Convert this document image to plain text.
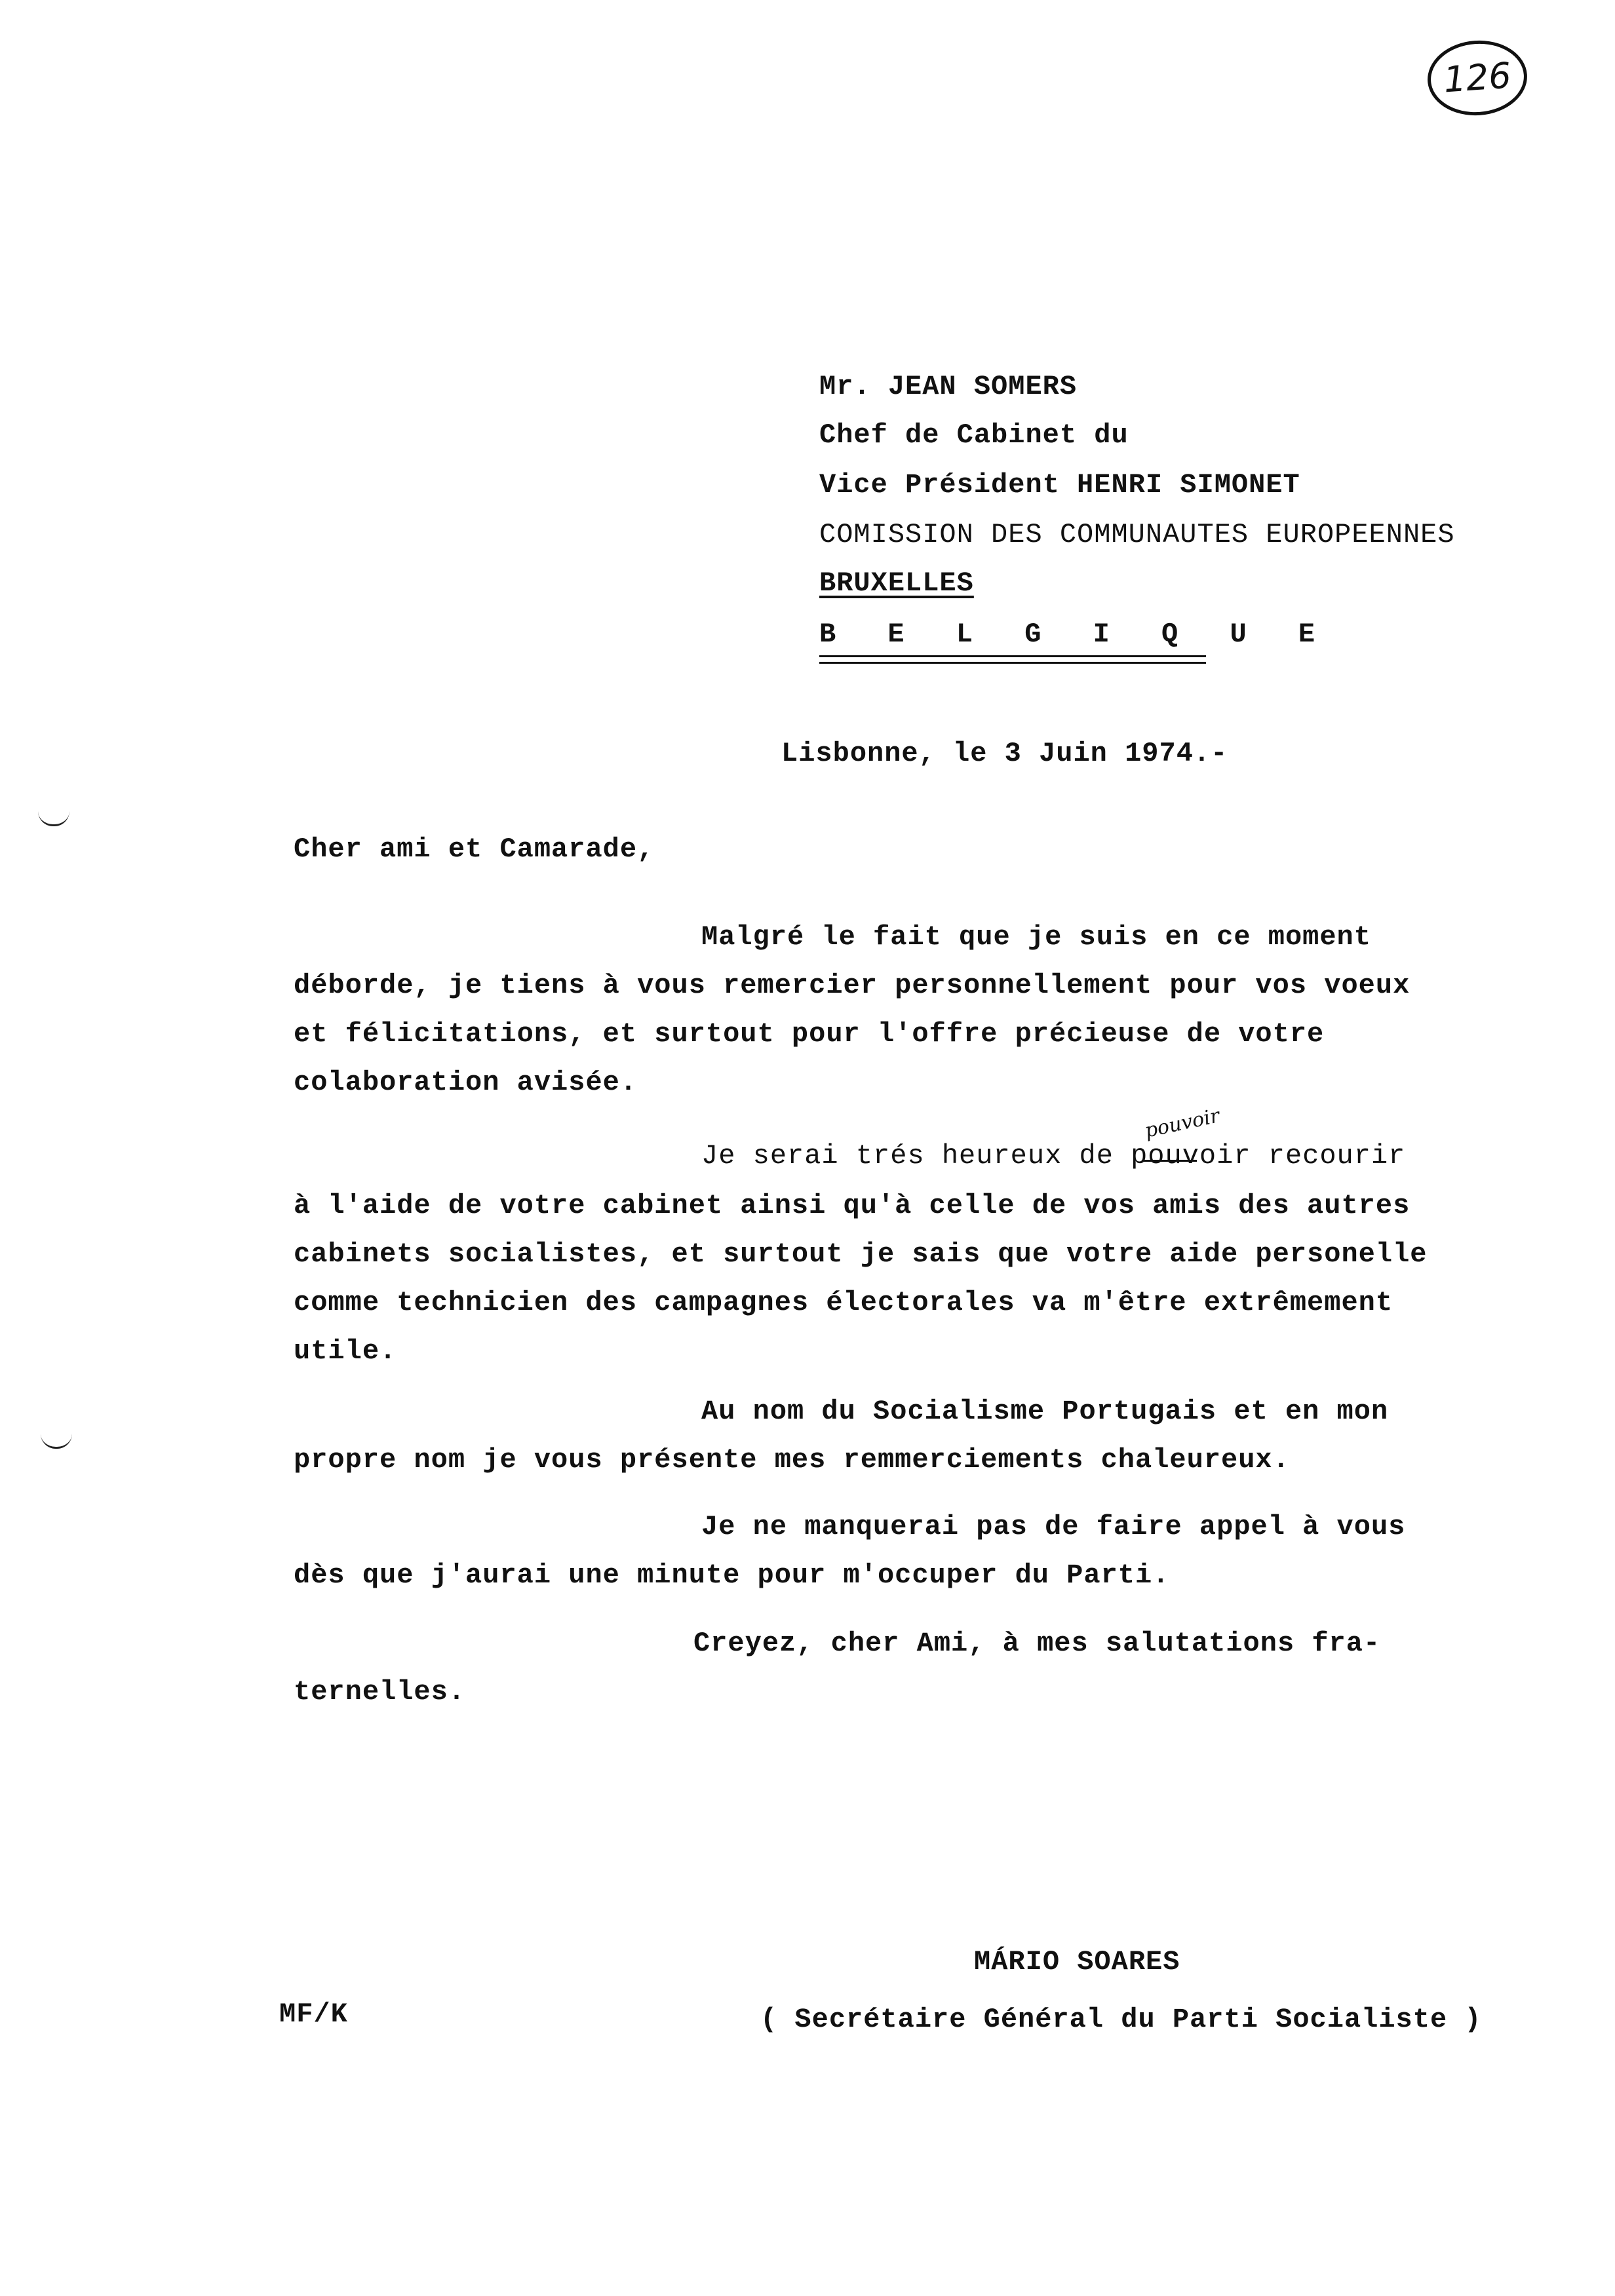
126
Mr. JEAN SOMERS
Chef de Cabinet du
Vice Président HENRI SIMONET
COMISSION DES COMMUNAUTES EUROPEENNES
BRUXELLES
B E L G I Q U E
Lisbonne, le 3 Juin 1974.-
Cher ami et Camarade,
Malgré le fait que je suis en ce moment
déborde, je tiens à vous remercier personnellement pour vos voeux
et félicitations, et surtout pour l'offre précieuse de votre
colaboration avisée.
pouvoir
Je serai trés heureux de pouvoir recourir
à l'aide de votre cabinet ainsi qu'à celle de vos amis des autres
cabinets socialistes, et surtout je sais que votre aide personelle
comme technicien des campagnes électorales va m'être extrêmement
utile.
Au nom du Socialisme Portugais et en mon
propre nom je vous présente mes remmerciements chaleureux.
Je ne manquerai pas de faire appel à vous
dès que j'aurai une minute pour m'occuper du Parti.
Creyez, cher Ami, à mes salutations fra-
ternelles.
MÁRIO SOARES
( Secrétaire Général du Parti Socialiste )
MF/K
